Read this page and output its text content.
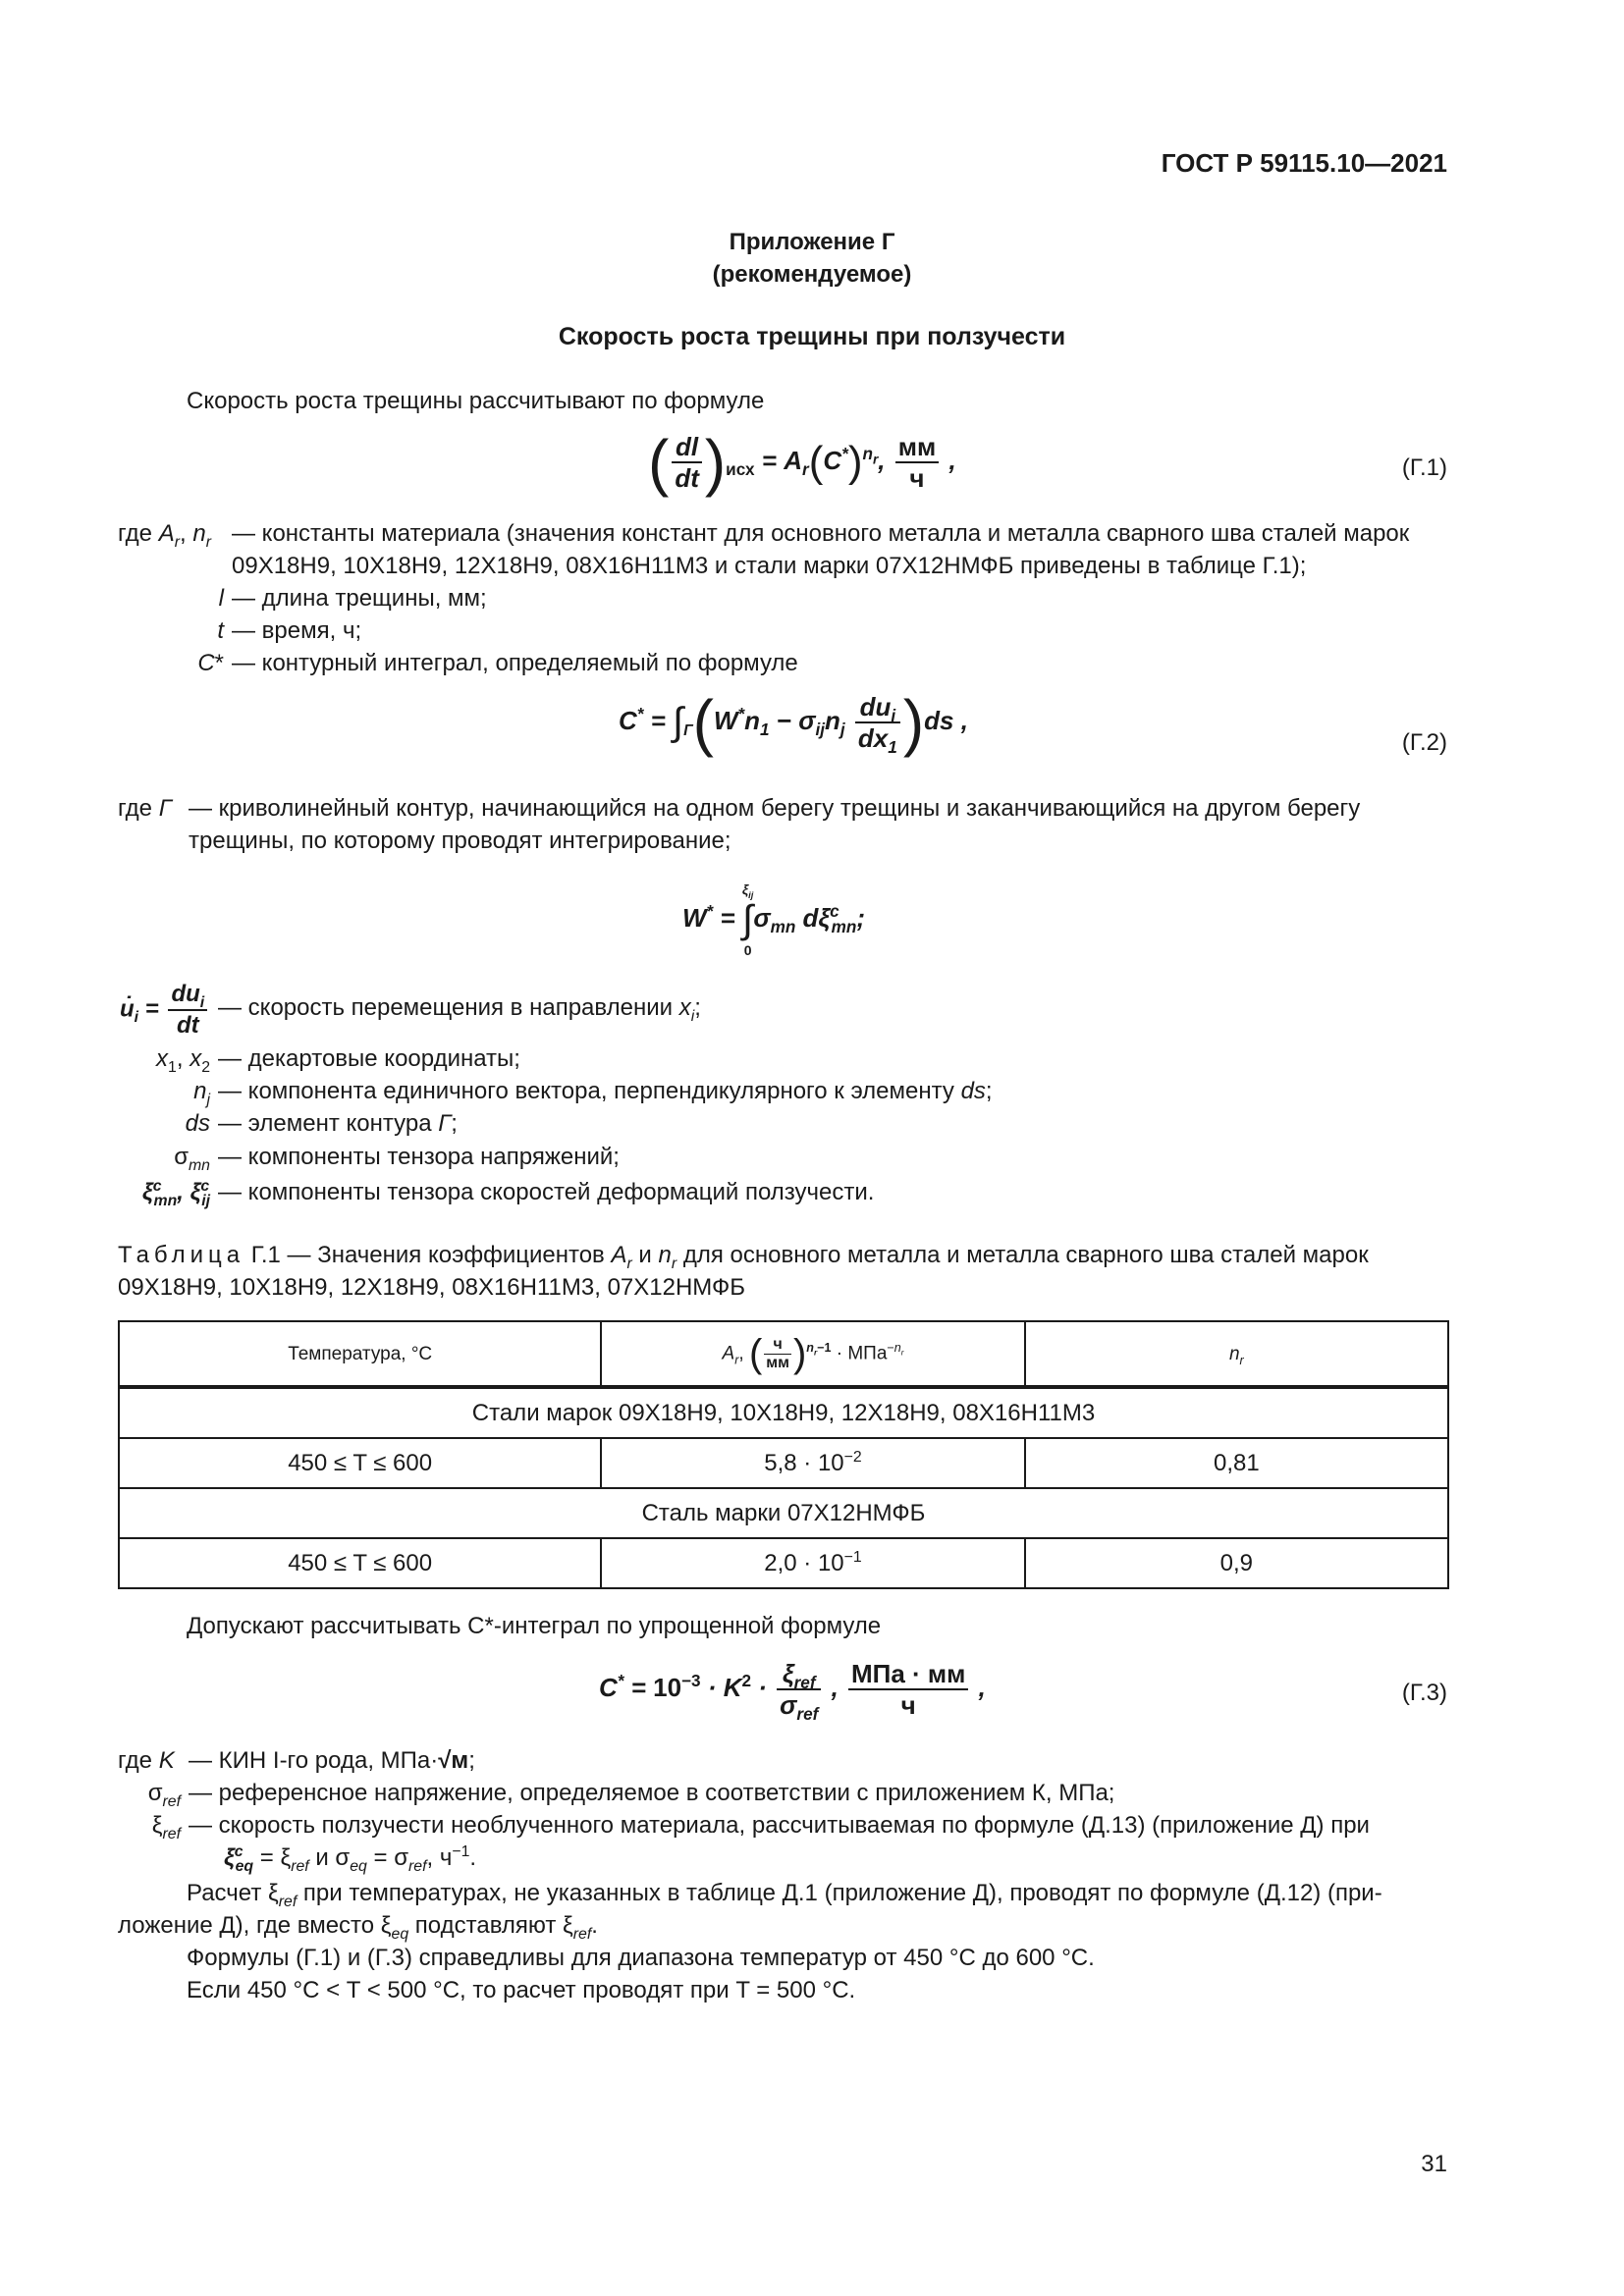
ГОСТ Р 59115.10—2021
Приложение Г
(рекомендуемое)
Скорость роста трещины при ползучести
Скорость роста трещины рассчитывают по формуле
( $\frac{dl}{dt} )_{исх} = A_r(C^*)^{n_r}$, $\frac{мм}{ч}$ ,	(Г.1)
где $A_r$, $n_r$ — константы материала (значения констант для основного металла и металла сварного шва сталей марок 09Х18Н9, 10Х18Н9, 12Х18Н9, 08Х16Н11М3 и стали марки 07Х12НМФБ приведены в таблице Г.1);
l — длина трещины, мм;
t — время, ч;
C* — контурный интеграл, определяемый по формуле
$C^* = \int_\Gamma(W^*n_1 - \sigma_{ij}n_j \frac{du_i}{dx_1} )ds$ ,
(Г.2)
где Г — криволинейный контур, начинающийся на одном берегу трещины и заканчивающийся на другом берегу трещины, по которому проводят интегрирование;
W* =
$\xi_{ij}$
∫
0
$\sigma_{mn}$ $d\xi^c_{mn}$;
$u̇_i = \frac{du_i}{dt}$ — скорость перемещения в направлении $x_i$;
$x_1$, $x_2$ — декартовые координаты;
$n_j$ — компонента единичного вектора, перпендикулярного к элементу ds;
ds — элемент контура Г;
$\sigma_{mn}$ — компоненты тензора напряжений;
$\xi^c_{mn}$, $\xi^c_{ij}$ — компоненты тензора скоростей деформаций ползучести.
Таблица Г.1 — Значения коэффициентов $A_r$ и $n_r$ для основного металла и металла сварного шва сталей марок
09Х18Н9, 10Х18Н9, 12Х18Н9, 08Х16Н11М3, 07Х12НМФБ
Температура, °С	$A_r$, ( $\frac{ч}{мм} )^{n_r-1} \cdot МПа^{-n_r}$	$n_r$
Стали марок 09Х18Н9, 10Х18Н9, 12Х18Н9, 08Х16Н11М3		
450 ≤ T ≤ 600	$5,8 \cdot 10^{-2}$	0,81
Сталь марки 07Х12НМФБ		
450 ≤ T ≤ 600	$2,0 \cdot 10^{-1}$	0,9
Допускают рассчитывать C*-интеграл по упрощенной формуле
$C^* = 10^{-3} \cdot K^2 \cdot \frac{\xi_{ref}}{\sigma_{ref}}$ , $\frac{\text{МПа · мм}}{ч}$ ,	(Г.3)
где K — КИН I-го рода, МПа·√м;
$\sigma_{ref}$ — референсное напряжение, определяемое в соответствии с приложением К, МПа;
$\xi_{ref}$ — скорость ползучести необлученного материала, рассчитываемая по формуле (Д.13) (приложение Д) при
$\xi^c_{eq} = \xi_{ref}$ и $\sigma_{eq} = \sigma_{ref}$, $ч^{-1}$.
Расчет $\xi_{ref}$ при температурах, не указанных в таблице Д.1 (приложение Д), проводят по формуле (Д.12) (при-
ложение Д), где вместо $\xi_{eq}$ подставляют $\xi_{ref}$.
Формулы (Г.1) и (Г.3) справедливы для диапазона температур от 450 °С до 600 °С.
Если 450 °С < T < 500 °С, то расчет проводят при T = 500 °С.
31
